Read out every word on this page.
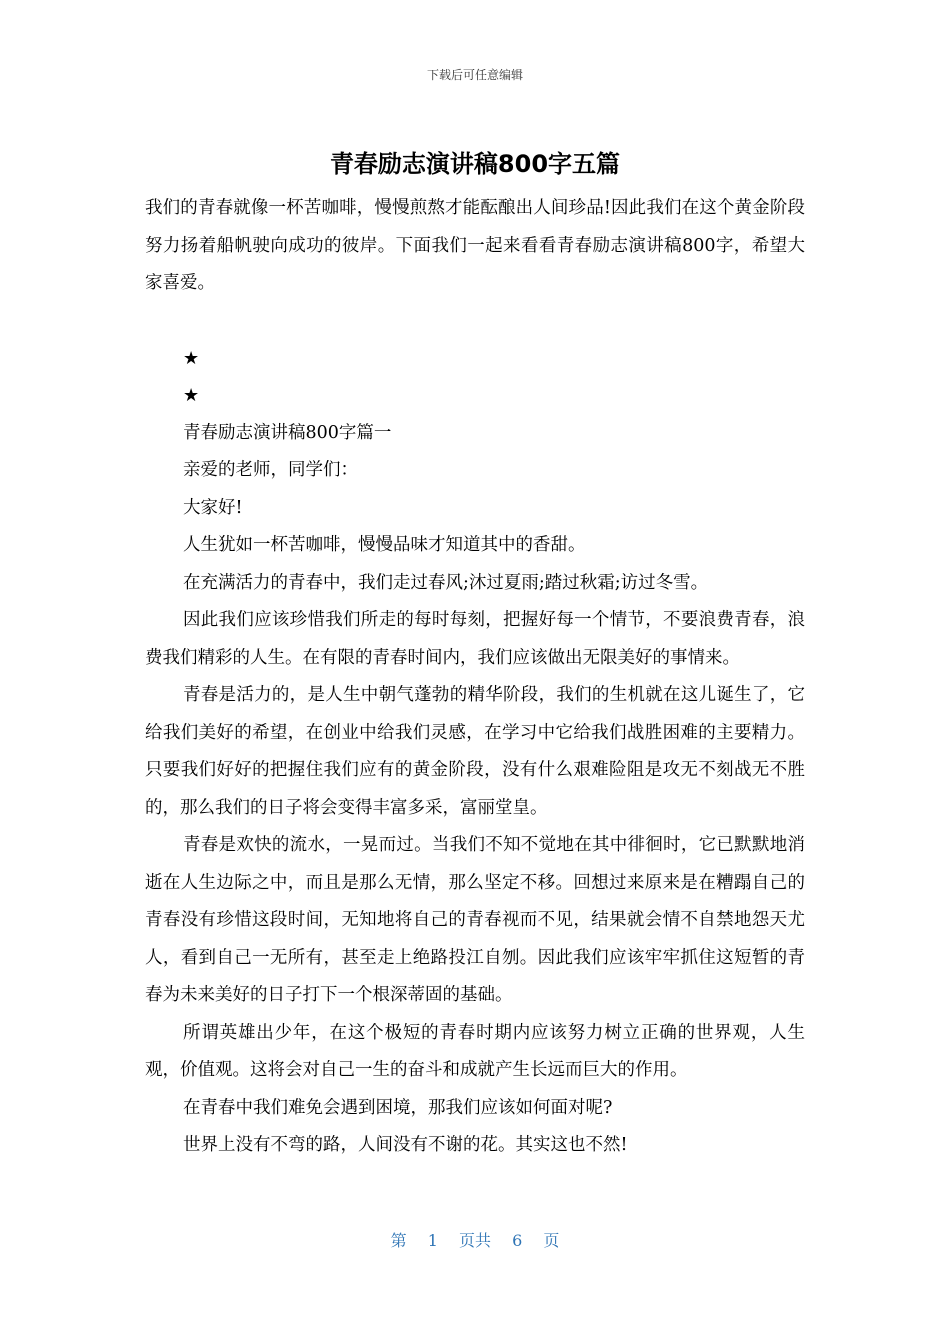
下载后可任意编辑
青春励志演讲稿800字五篇

我们的青春就像一杯苦咖啡，慢慢煎熬才能酝酿出人间珍品!因此我们在这个黄金阶段努力扬着船帆驶向成功的彼岸。下面我们一起来看看青春励志演讲稿800字，希望大家喜爱。

★
★

青春励志演讲稿800字篇一

亲爱的老师，同学们：

大家好!

人生犹如一杯苦咖啡，慢慢品味才知道其中的香甜。

在充满活力的青春中，我们走过春风;沐过夏雨;踏过秋霜;访过冬雪。

因此我们应该珍惜我们所走的每时每刻，把握好每一个情节，不要浪费青春，浪费我们精彩的人生。在有限的青春时间内，我们应该做出无限美好的事情来。

青春是活力的，是人生中朝气蓬勃的精华阶段，我们的生机就在这儿诞生了，它给我们美好的希望，在创业中给我们灵感，在学习中它给我们战胜困难的主要精力。只要我们好好的把握住我们应有的黄金阶段，没有什么艰难险阻是攻无不刻战无不胜的，那么我们的日子将会变得丰富多采，富丽堂皇。

青春是欢快的流水，一晃而过。当我们不知不觉地在其中徘徊时，它已默默地消逝在人生边际之中，而且是那么无情，那么坚定不移。回想过来原来是在糟蹋自己的青春没有珍惜这段时间，无知地将自己的青春视而不见，结果就会情不自禁地怨天尤人，看到自己一无所有，甚至走上绝路投江自刎。因此我们应该牢牢抓住这短暂的青春为未来美好的日子打下一个根深蒂固的基础。

所谓英雄出少年，在这个极短的青春时期内应该努力树立正确的世界观，人生观，价值观。这将会对自己一生的奋斗和成就产生长远而巨大的作用。

在青春中我们难免会遇到困境，那我们应该如何面对呢?

世界上没有不弯的路，人间没有不谢的花。其实这也不然!

第 1 页共 6 页
